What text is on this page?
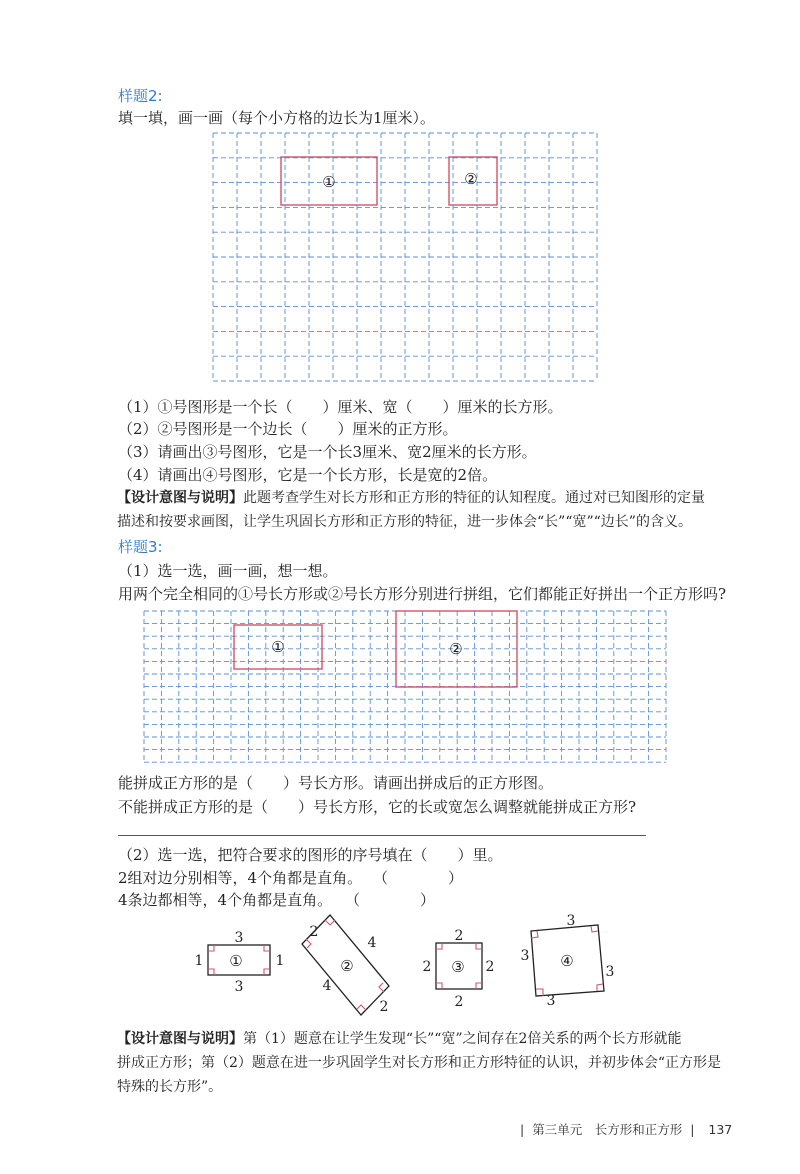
样题2:
填一填，画一画（每个小方格的边长为1厘米）。
①	②
（1）①号图形是一个长（　　）厘米、宽（　　）厘米的长方形。
（2）②号图形是一个边长（　　）厘米的正方形。
（3）请画出③号图形，它是一个长3厘米、宽2厘米的长方形。
（4）请画出④号图形，它是一个长方形，长是宽的2倍。
【设计意图与说明】此题考查学生对长方形和正方形的特征的认知程度。通过对已知图形的定量
描述和按要求画图，让学生巩固长方形和正方形的特征，进一步体会“长”“宽”“边长”的含义。
样题3:
（1）选一选，画一画，想一想。
用两个完全相同的①号长方形或②号长方形分别进行拼组，它们都能正好拼出一个正方形吗?
①	②
能拼成正方形的是（　　）号长方形。请画出拼成后的正方形图。
不能拼成正方形的是（　　）号长方形，它的长或宽怎么调整就能拼成正方形?
（2）选一选，把符合要求的图形的序号填在（　　）里。
2组对边分别相等，4个角都是直角。 （　　　　）
4条边都相等，4个角都是直角。 （　　　　）
3
3
1	1
①
2
4
4
2
②
2
2
2	2
③
3
3
3
3
④
【设计意图与说明】第（1）题意在让学生发现“长”“宽”之间存在2倍关系的两个长方形就能
拼成正方形；第（2）题意在进一步巩固学生对长方形和正方形特征的认识，并初步体会“正方形是
特殊的长方形”。
| 第三单元　长方形和正方形 | 137
